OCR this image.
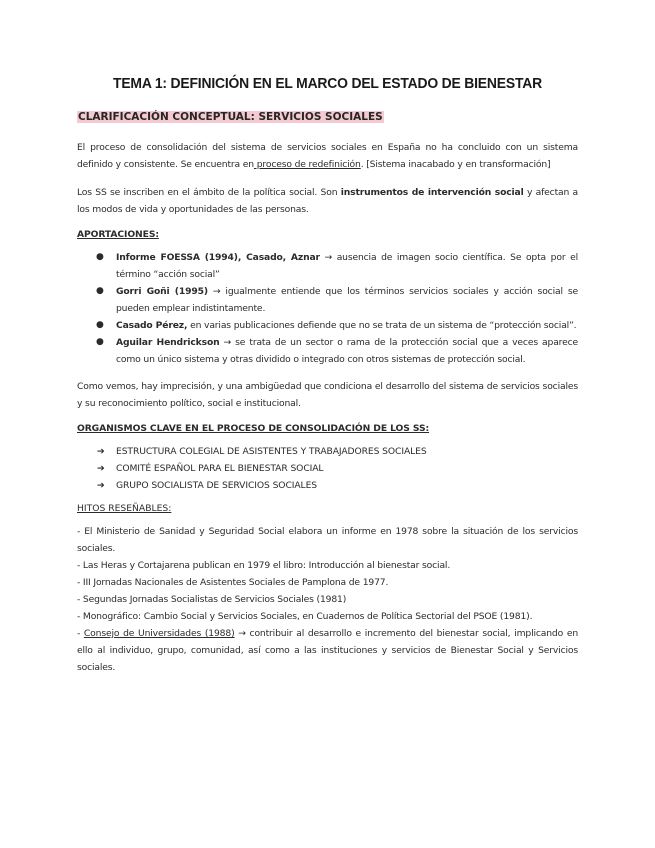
TEMA 1: DEFINICIÓN EN EL MARCO DEL ESTADO DE BIENESTAR
CLARIFICACIÓN CONCEPTUAL: SERVICIOS SOCIALES

El proceso de consolidación del sistema de servicios sociales en España no ha concluido con un sistema definido y consistente. Se encuentra en proceso de redefinición. [Sistema inacabado y en transformación]

Los SS se inscriben en el ámbito de la política social. Son instrumentos de intervención social y afectan a los modos de vida y oportunidades de las personas.

APORTACIONES:
● Informe FOESSA (1994), Casado, Aznar → ausencia de imagen socio científica. Se opta por el término “acción social”
● Gorri Goñi (1995) → igualmente entiende que los términos servicios sociales y acción social se pueden emplear indistintamente.
● Casado Pérez, en varias publicaciones defiende que no se trata de un sistema de “protección social”.
● Aguilar Hendrickson → se trata de un sector o rama de la protección social que a veces aparece como un único sistema y otras dividido o integrado con otros sistemas de protección social.

Como vemos, hay imprecisión, y una ambigüedad que condiciona el desarrollo del sistema de servicios sociales y su reconocimiento político, social e institucional.

ORGANISMOS CLAVE EN EL PROCESO DE CONSOLIDACIÓN DE LOS SS:
➔ ESTRUCTURA COLEGIAL DE ASISTENTES Y TRABAJADORES SOCIALES
➔ COMITÉ ESPAÑOL PARA EL BIENESTAR SOCIAL
➔ GRUPO SOCIALISTA DE SERVICIOS SOCIALES
HITOS RESEÑABLES:

- El Ministerio de Sanidad y Seguridad Social elabora un informe en 1978 sobre la situación de los servicios sociales.

- Las Heras y Cortajarena publican en 1979 el libro: Introducción al bienestar social.

- III Jornadas Nacionales de Asistentes Sociales de Pamplona de 1977.

- Segundas Jornadas Socialistas de Servicios Sociales (1981)

- Monográfico: Cambio Social y Servicios Sociales, en Cuadernos de Política Sectorial del PSOE (1981).

- Consejo de Universidades (1988) → contribuir al desarrollo e incremento del bienestar social, implicando en ello al individuo, grupo, comunidad, así como a las instituciones y servicios de Bienestar Social y Servicios sociales.
